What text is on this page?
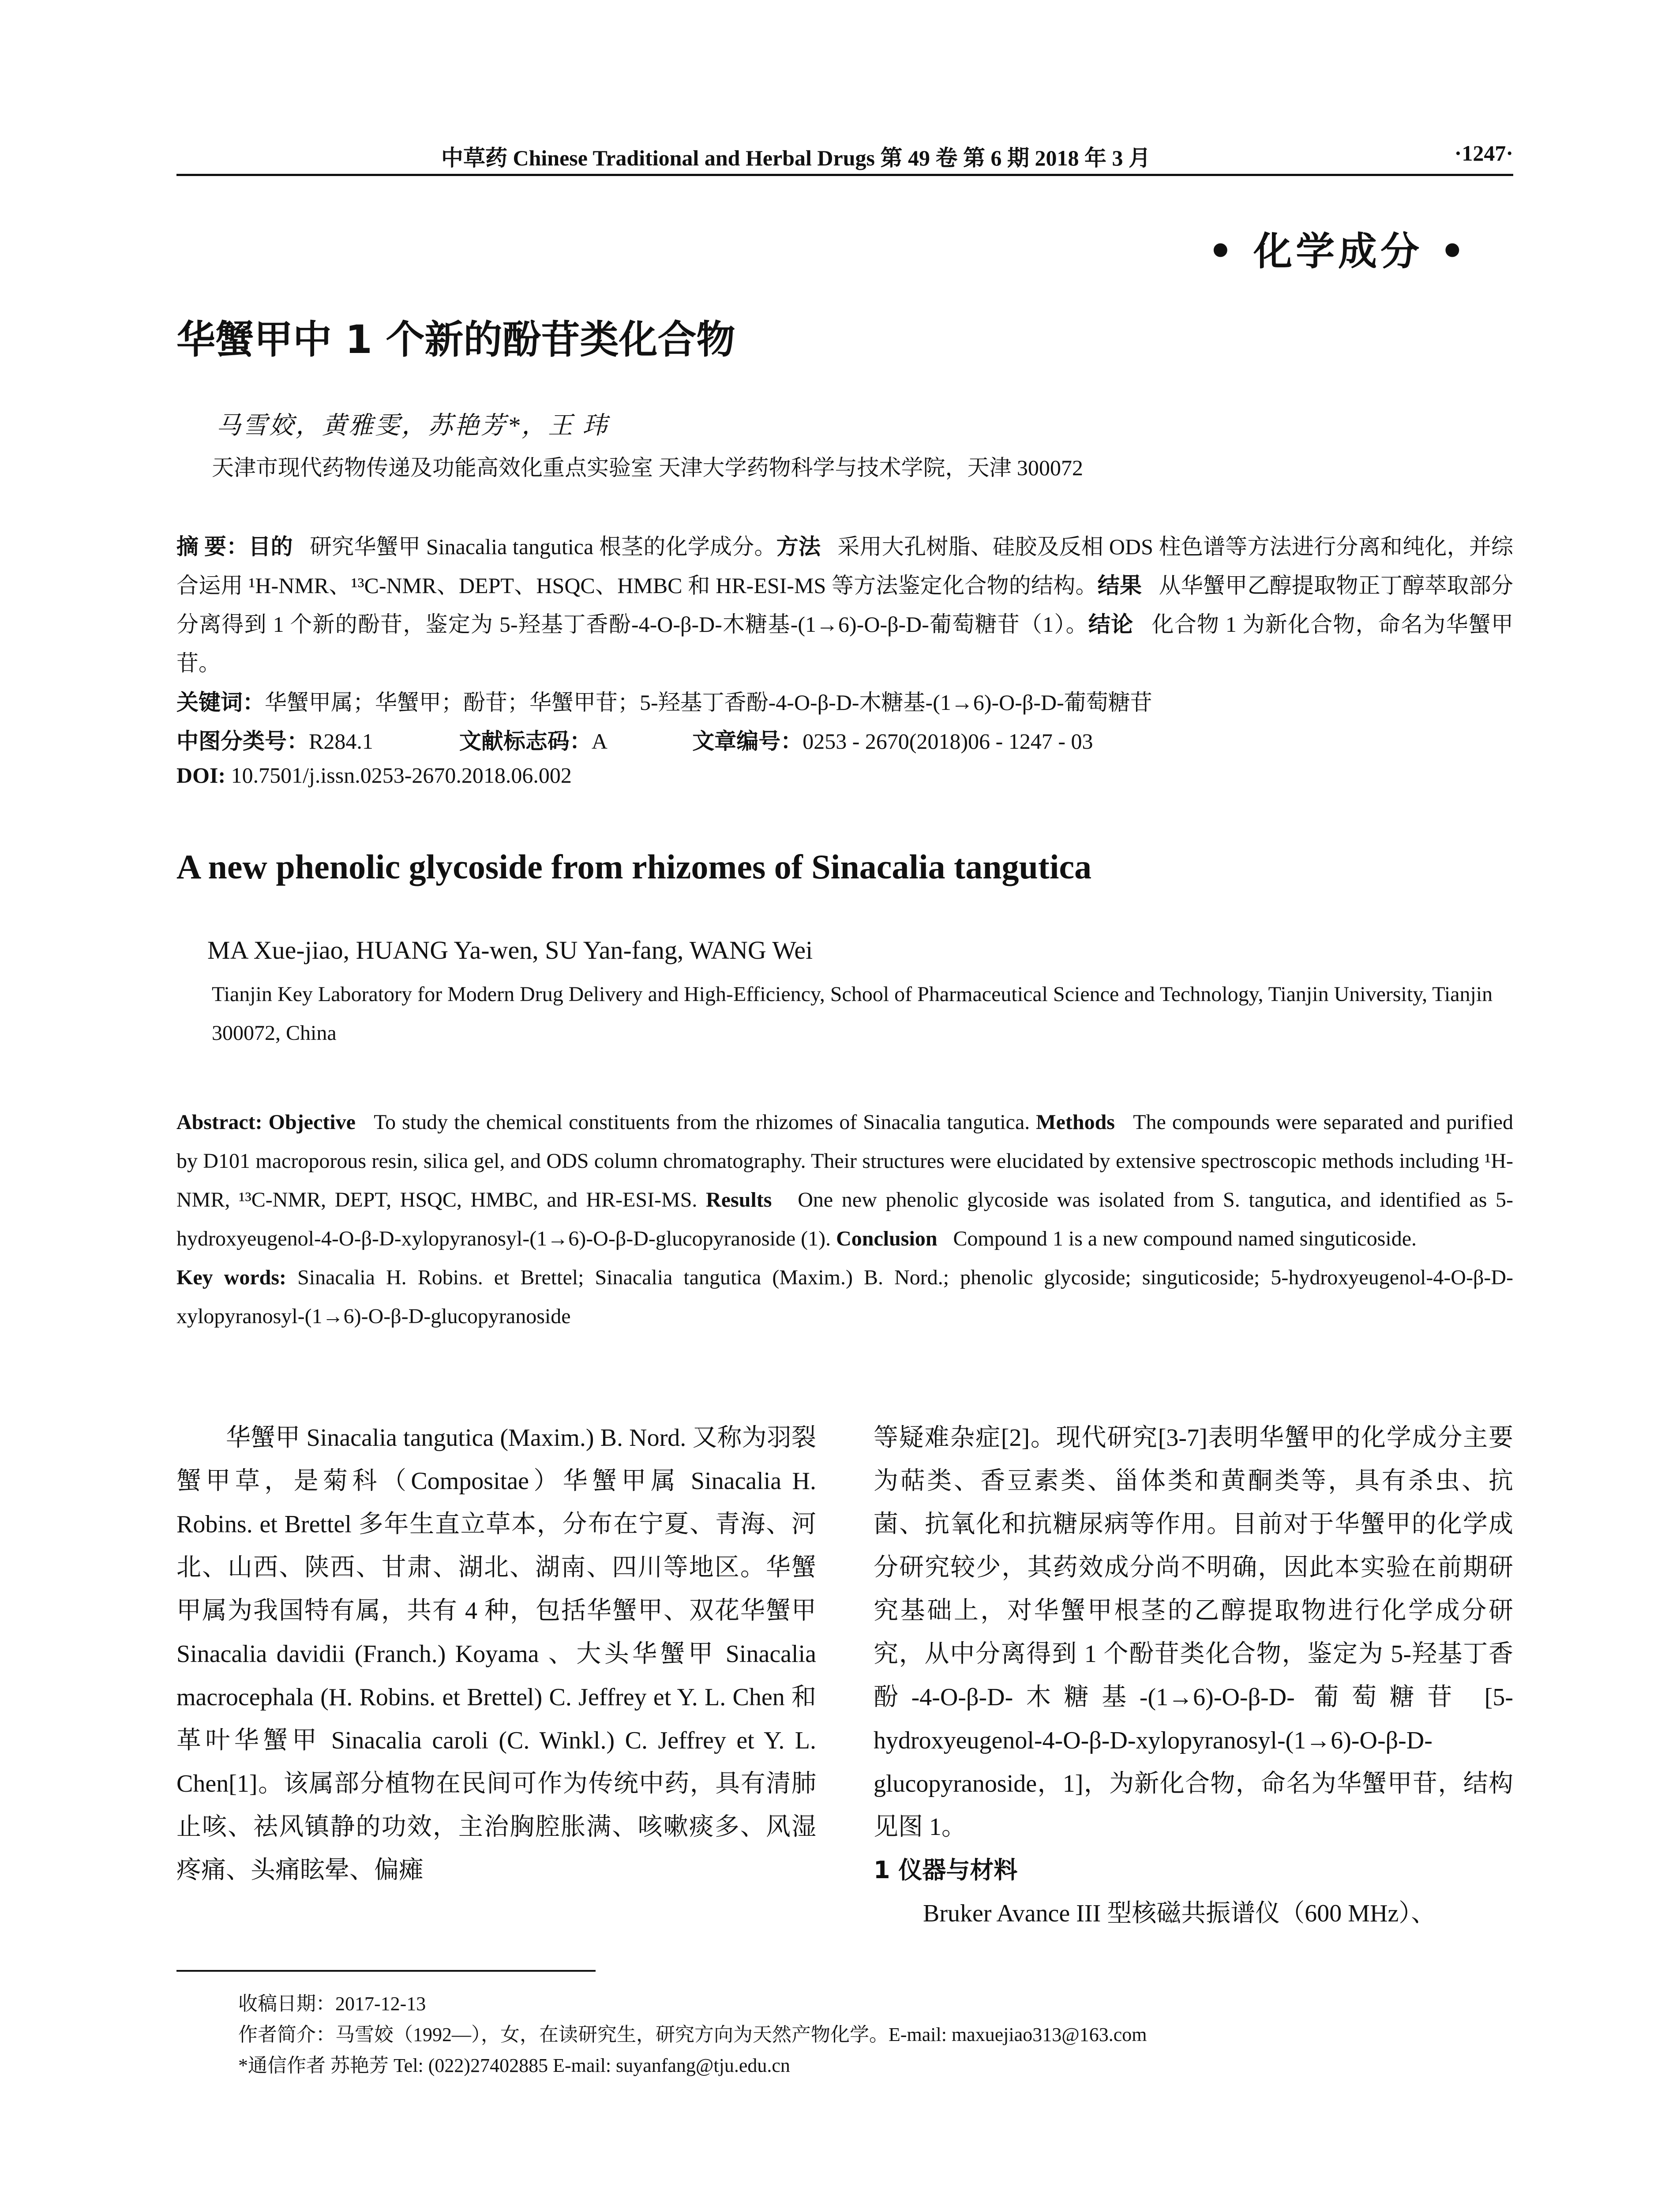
中草药 Chinese Traditional and Herbal Drugs 第 49 卷 第 6 期 2018 年 3 月	·1247·
• 化学成分 •
华蟹甲中 1 个新的酚苷类化合物
马雪姣，黄雅雯，苏艳芳*，王 玮
天津市现代药物传递及功能高效化重点实验室 天津大学药物科学与技术学院，天津 300072
摘 要：目的 研究华蟹甲 Sinacalia tangutica 根茎的化学成分。方法 采用大孔树脂、硅胶及反相 ODS 柱色谱等方法进行分离和纯化，并综合运用 ¹H-NMR、¹³C-NMR、DEPT、HSQC、HMBC 和 HR-ESI-MS 等方法鉴定化合物的结构。结果 从华蟹甲乙醇提取物正丁醇萃取部分分离得到 1 个新的酚苷，鉴定为 5-羟基丁香酚-4-O-β-D-木糖基-(1→6)-O-β-D-葡萄糖苷（1）。结论 化合物 1 为新化合物，命名为华蟹甲苷。
关键词：华蟹甲属；华蟹甲；酚苷；华蟹甲苷；5-羟基丁香酚-4-O-β-D-木糖基-(1→6)-O-β-D-葡萄糖苷
中图分类号：R284.1	文献标志码：A	文章编号：0253 - 2670(2018)06 - 1247 - 03
DOI: 10.7501/j.issn.0253-2670.2018.06.002
A new phenolic glycoside from rhizomes of Sinacalia tangutica
MA Xue-jiao, HUANG Ya-wen, SU Yan-fang, WANG Wei
Tianjin Key Laboratory for Modern Drug Delivery and High-Efficiency, School of Pharmaceutical Science and Technology, Tianjin University, Tianjin 300072, China
Abstract: Objective To study the chemical constituents from the rhizomes of Sinacalia tangutica. Methods The compounds were separated and purified by D101 macroporous resin, silica gel, and ODS column chromatography. Their structures were elucidated by extensive spectroscopic methods including ¹H-NMR, ¹³C-NMR, DEPT, HSQC, HMBC, and HR-ESI-MS. Results One new phenolic glycoside was isolated from S. tangutica, and identified as 5-hydroxyeugenol-4-O-β-D-xylopyranosyl-(1→6)-O-β-D-glucopyranoside (1). Conclusion Compound 1 is a new compound named singuticoside.
Key words: Sinacalia H. Robins. et Brettel; Sinacalia tangutica (Maxim.) B. Nord.; phenolic glycoside; singuticoside; 5-hydroxyeugenol-4-O-β-D-xylopyranosyl-(1→6)-O-β-D-glucopyranoside
华蟹甲 Sinacalia tangutica (Maxim.) B. Nord. 又称为羽裂蟹甲草，是菊科（Compositae）华蟹甲属 Sinacalia H. Robins. et Brettel 多年生直立草本，分布在宁夏、青海、河北、山西、陕西、甘肃、湖北、湖南、四川等地区。华蟹甲属为我国特有属，共有 4 种，包括华蟹甲、双花华蟹甲 Sinacalia davidii (Franch.) Koyama 、大头华蟹甲 Sinacalia macrocephala (H. Robins. et Brettel) C. Jeffrey et Y. L. Chen 和革叶华蟹甲 Sinacalia caroli (C. Winkl.) C. Jeffrey et Y. L. Chen[1]。该属部分植物在民间可作为传统中药，具有清肺止咳、祛风镇静的功效，主治胸腔胀满、咳嗽痰多、风湿疼痛、头痛眩晕、偏瘫
等疑难杂症[2]。现代研究[3-7]表明华蟹甲的化学成分主要为萜类、香豆素类、甾体类和黄酮类等，具有杀虫、抗菌、抗氧化和抗糖尿病等作用。目前对于华蟹甲的化学成分研究较少，其药效成分尚不明确，因此本实验在前期研究基础上，对华蟹甲根茎的乙醇提取物进行化学成分研究，从中分离得到 1 个酚苷类化合物，鉴定为 5-羟基丁香酚-4-O-β-D-木糖基-(1→6)-O-β-D- 葡萄糖苷 [5-hydroxyeugenol-4-O-β-D-xylopyranosyl-(1→6)-O-β-D-glucopyranoside，1]，为新化合物，命名为华蟹甲苷，结构见图 1。
1 仪器与材料
Bruker Avance III 型核磁共振谱仪（600 MHz）、
收稿日期：2017-12-13
作者简介：马雪姣（1992—），女，在读研究生，研究方向为天然产物化学。E-mail: maxuejiao313@163.com
*通信作者 苏艳芳 Tel: (022)27402885 E-mail: suyanfang@tju.edu.cn
